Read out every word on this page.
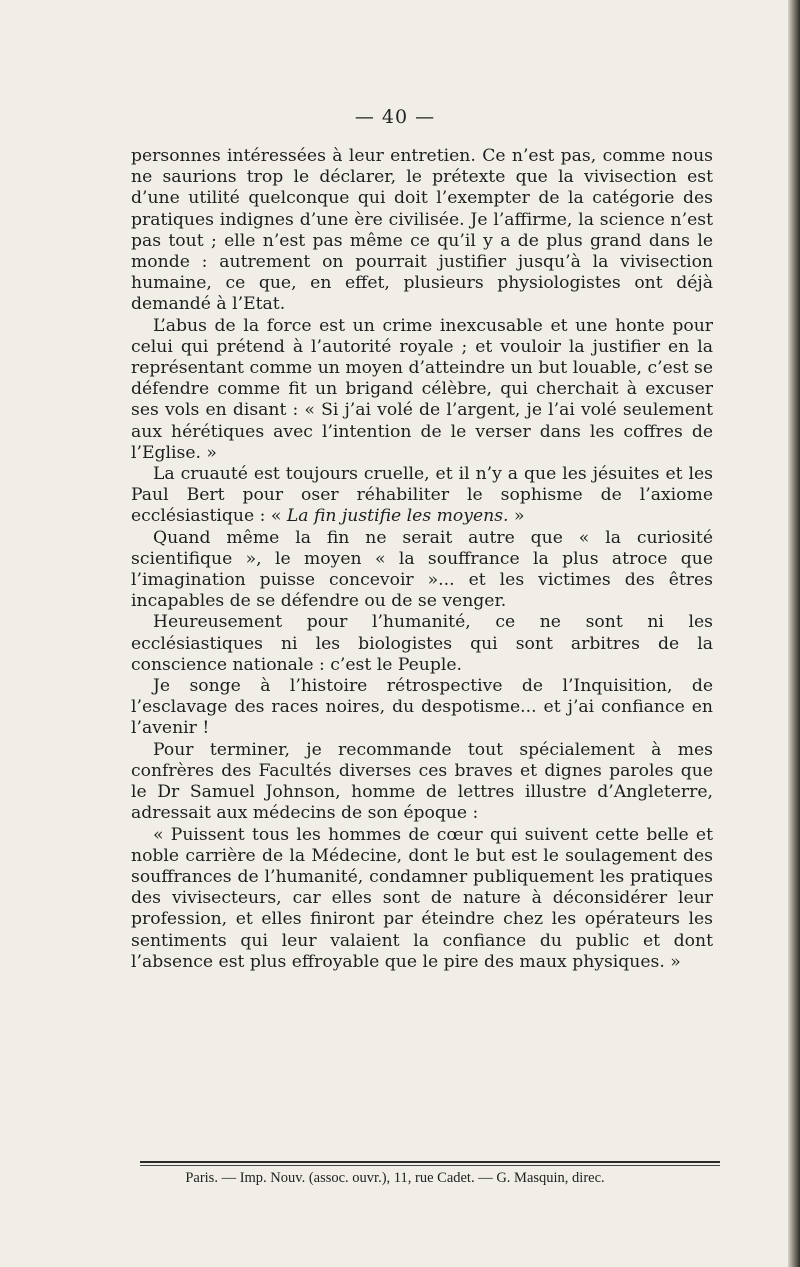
— 40 —

personnes intéressées à leur entretien. Ce n’est pas, comme nous ne saurions trop le déclarer, le prétexte que la vivisection est d’une utilité quelconque qui doit l’exempter de la catégorie des pratiques indignes d’une ère civilisée. Je l’affirme, la science n’est pas tout ; elle n’est pas même ce qu’il y a de plus grand dans le monde : autrement on pourrait justifier jusqu’à la vivisection humaine, ce que, en effet, plusieurs physiologistes ont déjà demandé à l’Etat.

L’abus de la force est un crime inexcusable et une honte pour celui qui prétend à l’autorité royale ; et vouloir la justifier en la représentant comme un moyen d’atteindre un but louable, c’est se défendre comme fit un brigand célèbre, qui cherchait à excuser ses vols en disant : « Si j’ai volé de l’argent, je l’ai volé seulement aux hérétiques avec l’intention de le verser dans les coffres de l’Eglise. »

La cruauté est toujours cruelle, et il n’y a que les jésuites et les Paul Bert pour oser réhabiliter le sophisme de l’axiome ecclésiastique : « La fin justifie les moyens. »

Quand même la fin ne serait autre que « la curiosité scientifique », le moyen « la souffrance la plus atroce que l’imagination puisse concevoir »... et les victimes des êtres incapables de se défendre ou de se venger.

Heureusement pour l’humanité, ce ne sont ni les ecclésiastiques ni les biologistes qui sont arbitres de la conscience nationale : c’est le Peuple.

Je songe à l’histoire rétrospective de l’Inquisition, de l’esclavage des races noires, du despotisme... et j’ai confiance en l’avenir !

Pour terminer, je recommande tout spécialement à mes confrères des Facultés diverses ces braves et dignes paroles que le Dr Samuel Johnson, homme de lettres illustre d’Angleterre, adressait aux médecins de son époque :

« Puissent tous les hommes de cœur qui suivent cette belle et noble carrière de la Médecine, dont le but est le soulagement des souffrances de l’humanité, condamner publiquement les pratiques des vivisecteurs, car elles sont de nature à déconsidérer leur profession, et elles finiront par éteindre chez les opérateurs les sentiments qui leur valaient la confiance du public et dont l’absence est plus effroyable que le pire des maux physiques. »

Paris. — Imp. Nouv. (assoc. ouvr.), 11, rue Cadet. — G. Masquin, direc.
